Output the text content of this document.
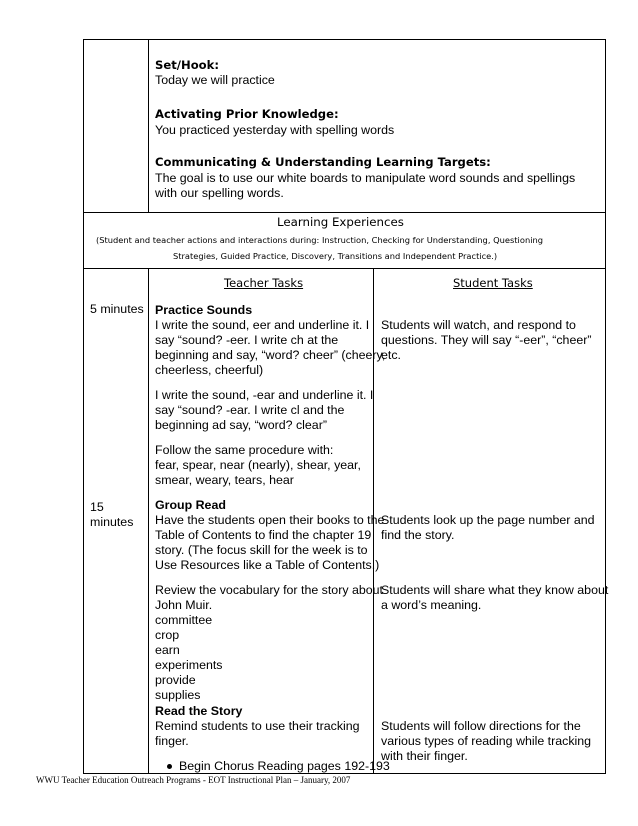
Set/Hook:
Today we will practice
Activating Prior Knowledge:
You practiced yesterday with spelling words
Communicating & Understanding Learning Targets:
The goal is to use our white boards to manipulate word sounds and spellings
with our spelling words.
Learning Experiences
(Student and teacher actions and interactions during: Instruction, Checking for Understanding, Questioning
Strategies, Guided Practice, Discovery, Transitions and Independent Practice.)
Teacher Tasks	Student Tasks
5 minutes
15
minutes
Practice Sounds
I write the sound, eer and underline it. I
say “sound? -eer. I write ch at the
beginning and say, “word? cheer” (cheery,
cheerless, cheerful)
I write the sound, -ear and underline it. I
say “sound? -ear. I write cl and the
beginning ad say, “word? clear”
Follow the same procedure with:
fear, spear, near (nearly), shear, year,
smear, weary, tears, hear
Students will watch, and respond to
questions. They will say “-eer”, “cheer”
etc.
Group Read
Have the students open their books to the
Table of Contents to find the chapter 19
story. (The focus skill for the week is to
Use Resources like a Table of Contents.)
Review the vocabulary for the story about
John Muir.
committee
crop
earn
experiments
provide
supplies
Students look up the page number and
find the story.
Students will share what they know about
a word’s meaning.
Read the Story
Remind students to use their tracking
finger.
Begin Chorus Reading pages 192-193
Students will follow directions for the
various types of reading while tracking
with their finger.
WWU Teacher Education Outreach Programs - EOT Instructional Plan – January, 2007
